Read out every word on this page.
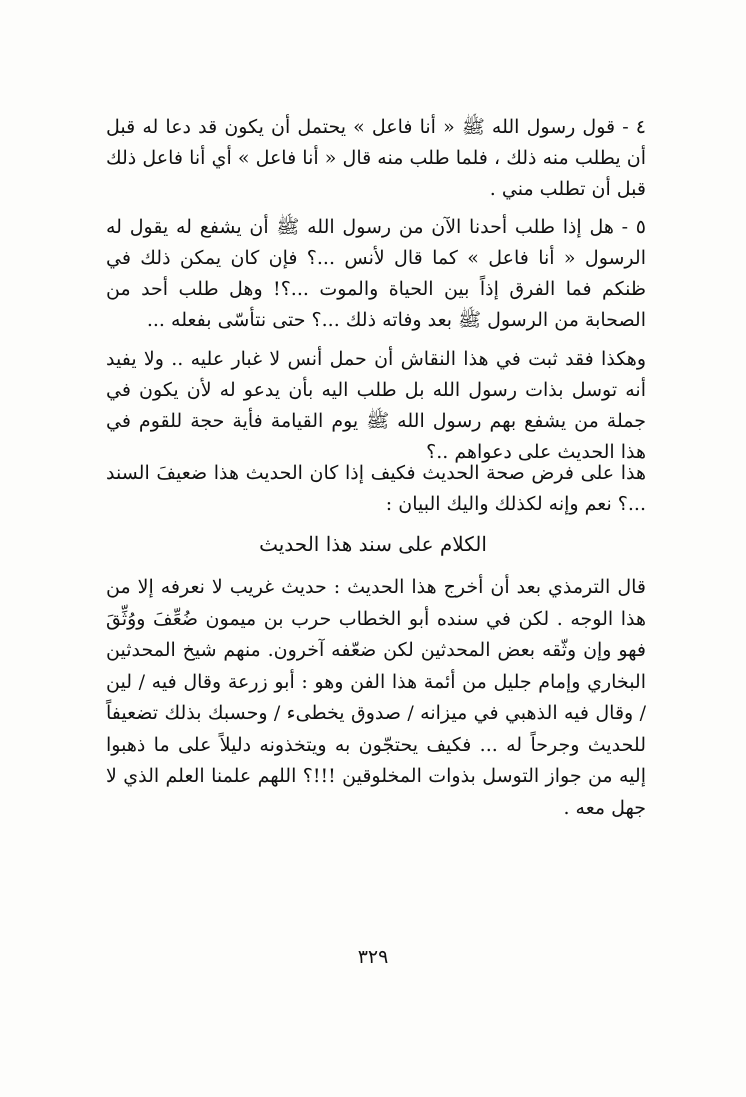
٤ - قول رسول الله ﷺ « أنا فاعل » يحتمل أن يكون قد دعا له قبل أن يطلب منه ذلك ، فلما طلب منه قال « أنا فاعل » أي أنا فاعل ذلك قبل أن تطلب مني .

٥ - هل إذا طلب أحدنا الآن من رسول الله ﷺ أن يشفع له يقول له الرسول « أنا فاعل » كما قال لأنس ...؟ فإن كان يمكن ذلك في ظنكم فما الفرق إذاً بين الحياة والموت ...؟! وهل طلب أحد من الصحابة من الرسول ﷺ بعد وفاته ذلك ...؟ حتى نتأسّى بفعله ...

وهكذا فقد ثبت في هذا النقاش أن حمل أنس لا غبار عليه .. ولا يفيد أنه توسل بذات رسول الله بل طلب اليه بأن يدعو له لأن يكون في جملة من يشفع بهم رسول الله ﷺ يوم القيامة فأية حجة للقوم في هذا الحديث على دعواهم ..؟

هذا على فرض صحة الحديث فكيف إذا كان الحديث هذا ضعيفَ السند ...؟ نعم وإنه لكذلك واليك البيان :

الكلام على سند هذا الحديث

قال الترمذي بعد أن أخرج هذا الحديث : حديث غريب لا نعرفه إلا من هذا الوجه . لكن في سنده أبو الخطاب حرب بن ميمون ضُعِّفَ ووُثِّقَ فهو وإن وثّقه بعض المحدثين لكن ضعّفه آخرون. منهم شيخ المحدثين البخاري وإمام جليل من أئمة هذا الفن وهو : أبو زرعة وقال فيه / لين / وقال فيه الذهبي في ميزانه / صدوق يخطىء / وحسبك بذلك تضعيفاً للحديث وجرحاً له ... فكيف يحتجّون به ويتخذونه دليلاً على ما ذهبوا إليه من جواز التوسل بذوات المخلوقين !!!؟ اللهم علمنا العلم الذي لا جهل معه .

٣٢٩
